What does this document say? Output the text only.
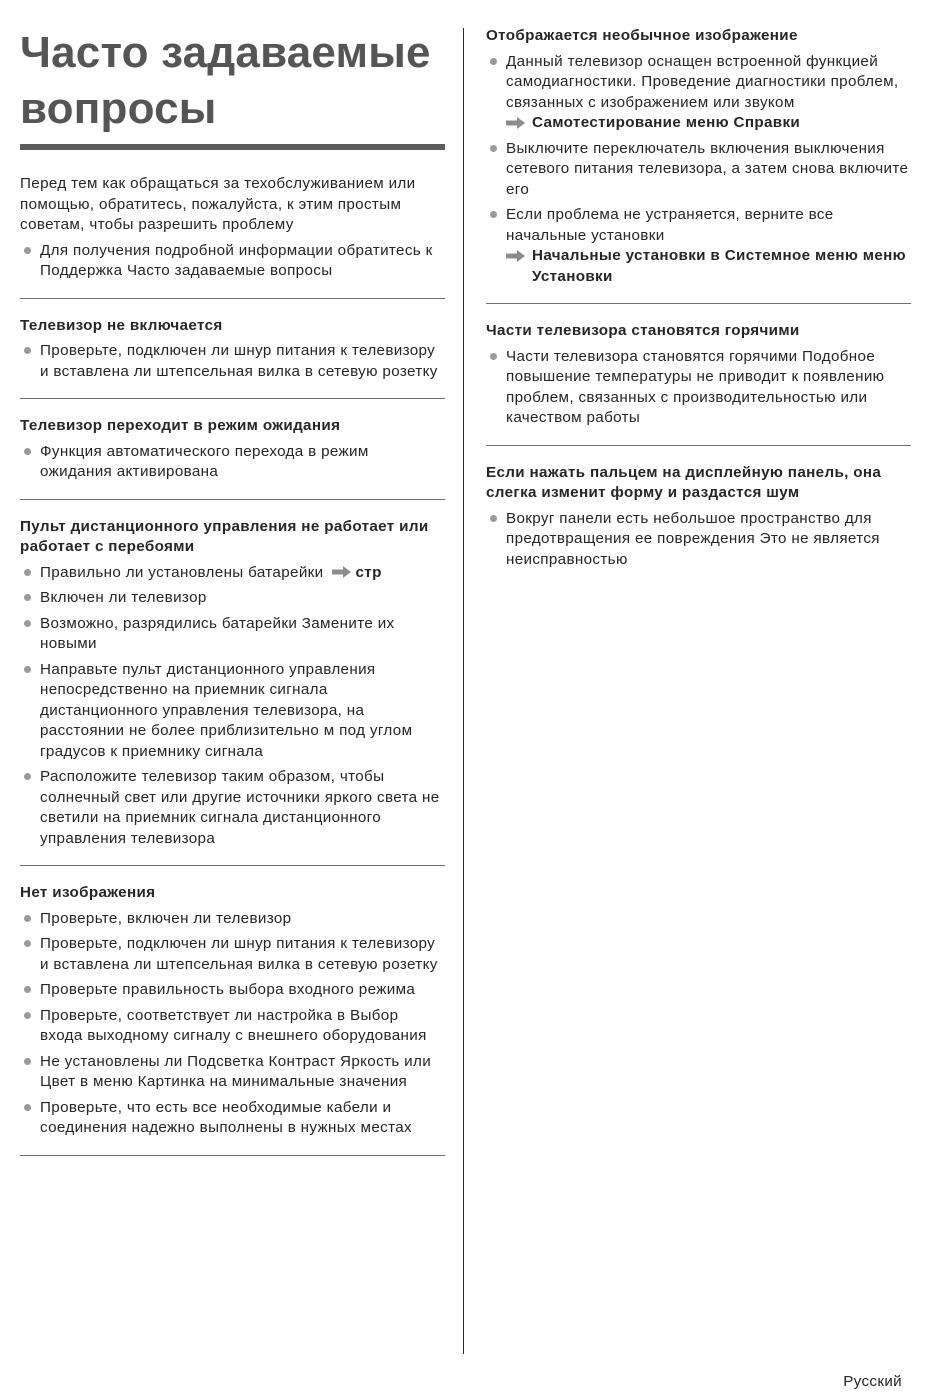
Часто задаваемые
вопросы

Перед тем как обращаться за техобслуживанием или помощью, обратитесь, пожалуйста, к этим простым советам, чтобы разрешить проблему

Для получения подробной информации обратитесь к Поддержка Часто задаваемые вопросы

Телевизор не включается

Проверьте, подключен ли шнур питания к телевизору и вставлена ли штепсельная вилка в сетевую розетку

Телевизор переходит в режим ожидания

Функция автоматического перехода в режим ожидания активирована

Пульт дистанционного управления не работает или работает с перебоями

Правильно ли установлены батарейки стр

Включен ли телевизор

Возможно, разрядились батарейки Замените их новыми

Направьте пульт дистанционного управления непосредственно на приемник сигнала дистанционного управления телевизора, на расстоянии не более приблизительно м под углом градусов к приемнику сигнала

Расположите телевизор таким образом, чтобы солнечный свет или другие источники яркого света не светили на приемник сигнала дистанционного управления телевизора

Нет изображения

Проверьте, включен ли телевизор

Проверьте, подключен ли шнур питания к телевизору и вставлена ли штепсельная вилка в сетевую розетку

Проверьте правильность выбора входного режима

Проверьте, соответствует ли настройка в Выбор входа выходному сигналу с внешнего оборудования

Не установлены ли Подсветка Контраст Яркость или Цвет в меню Картинка на минимальные значения

Проверьте, что есть все необходимые кабели и соединения надежно выполнены в нужных местах

Отображается необычное изображение

Данный телевизор оснащен встроенной функцией самодиагностики. Проведение диагностики проблем, связанных с изображением или звуком

Самотестирование меню Справки

Выключите переключатель включения выключения сетевого питания телевизора, а затем снова включите его

Если проблема не устраняется, верните все начальные установки

Начальные установки в Системное меню меню Установки

Части телевизора становятся горячими

Части телевизора становятся горячими Подобное повышение температуры не приводит к появлению проблем, связанных с производительностью или качеством работы

Если нажать пальцем на дисплейную панель, она слегка изменит форму и раздастся шум

Вокруг панели есть небольшое пространство для предотвращения ее повреждения Это не является неисправностью

Русский
